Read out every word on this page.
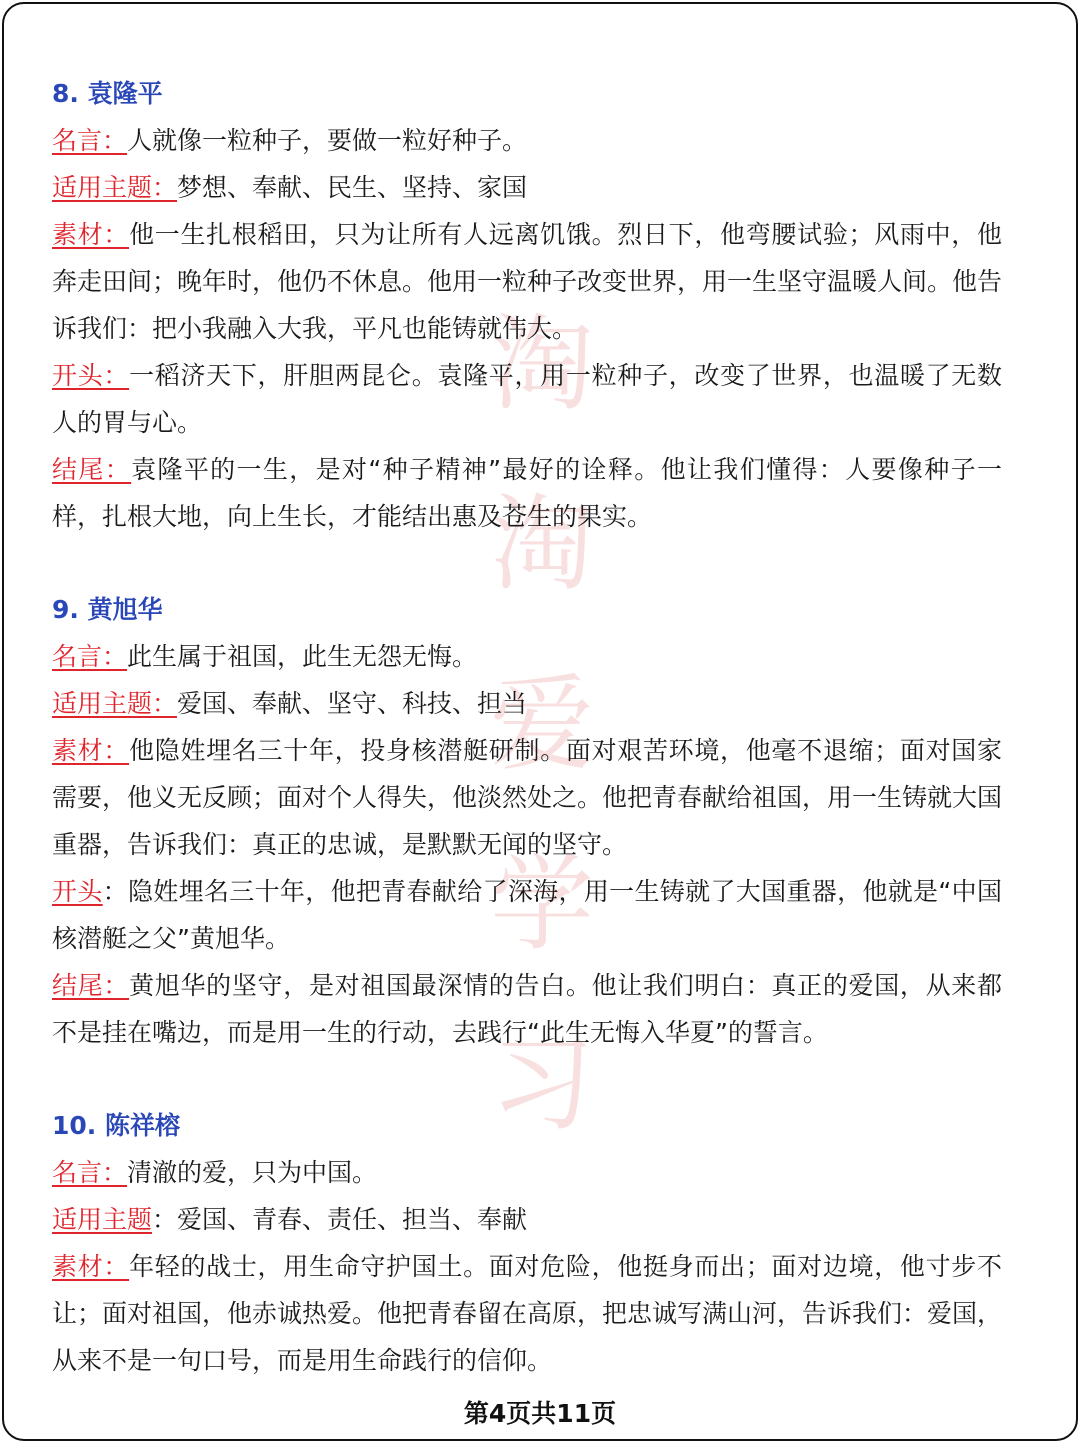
淘
淘
爱
学
习
8. 袁隆平
名言：人就像一粒种子，要做一粒好种子。
适用主题：梦想、奉献、民生、坚持、家国
素材：他一生扎根稻田，只为让所有人远离饥饿。烈日下，他弯腰试验；风雨中，他奔走田间；晚年时，他仍不休息。他用一粒种子改变世界，用一生坚守温暖人间。他告诉我们：把小我融入大我，平凡也能铸就伟大。
开头：一稻济天下，肝胆两昆仑。袁隆平，用一粒种子，改变了世界，也温暖了无数人的胃与心。
结尾：袁隆平的一生，是对“种子精神”最好的诠释。他让我们懂得：人要像种子一样，扎根大地，向上生长，才能结出惠及苍生的果实。
9. 黄旭华
名言：此生属于祖国，此生无怨无悔。
适用主题：爱国、奉献、坚守、科技、担当
素材：他隐姓埋名三十年，投身核潜艇研制。面对艰苦环境，他毫不退缩；面对国家需要，他义无反顾；面对个人得失，他淡然处之。他把青春献给祖国，用一生铸就大国重器，告诉我们：真正的忠诚，是默默无闻的坚守。
开头：隐姓埋名三十年，他把青春献给了深海，用一生铸就了大国重器，他就是“中国核潜艇之父”黄旭华。
结尾：黄旭华的坚守，是对祖国最深情的告白。他让我们明白：真正的爱国，从来都不是挂在嘴边，而是用一生的行动，去践行“此生无悔入华夏”的誓言。
10. 陈祥榕
名言：清澈的爱，只为中国。
适用主题：爱国、青春、责任、担当、奉献
素材：年轻的战士，用生命守护国土。面对危险，他挺身而出；面对边境，他寸步不让；面对祖国，他赤诚热爱。他把青春留在高原，把忠诚写满山河，告诉我们：爱国，从来不是一句口号，而是用生命践行的信仰。
第4页共11页
